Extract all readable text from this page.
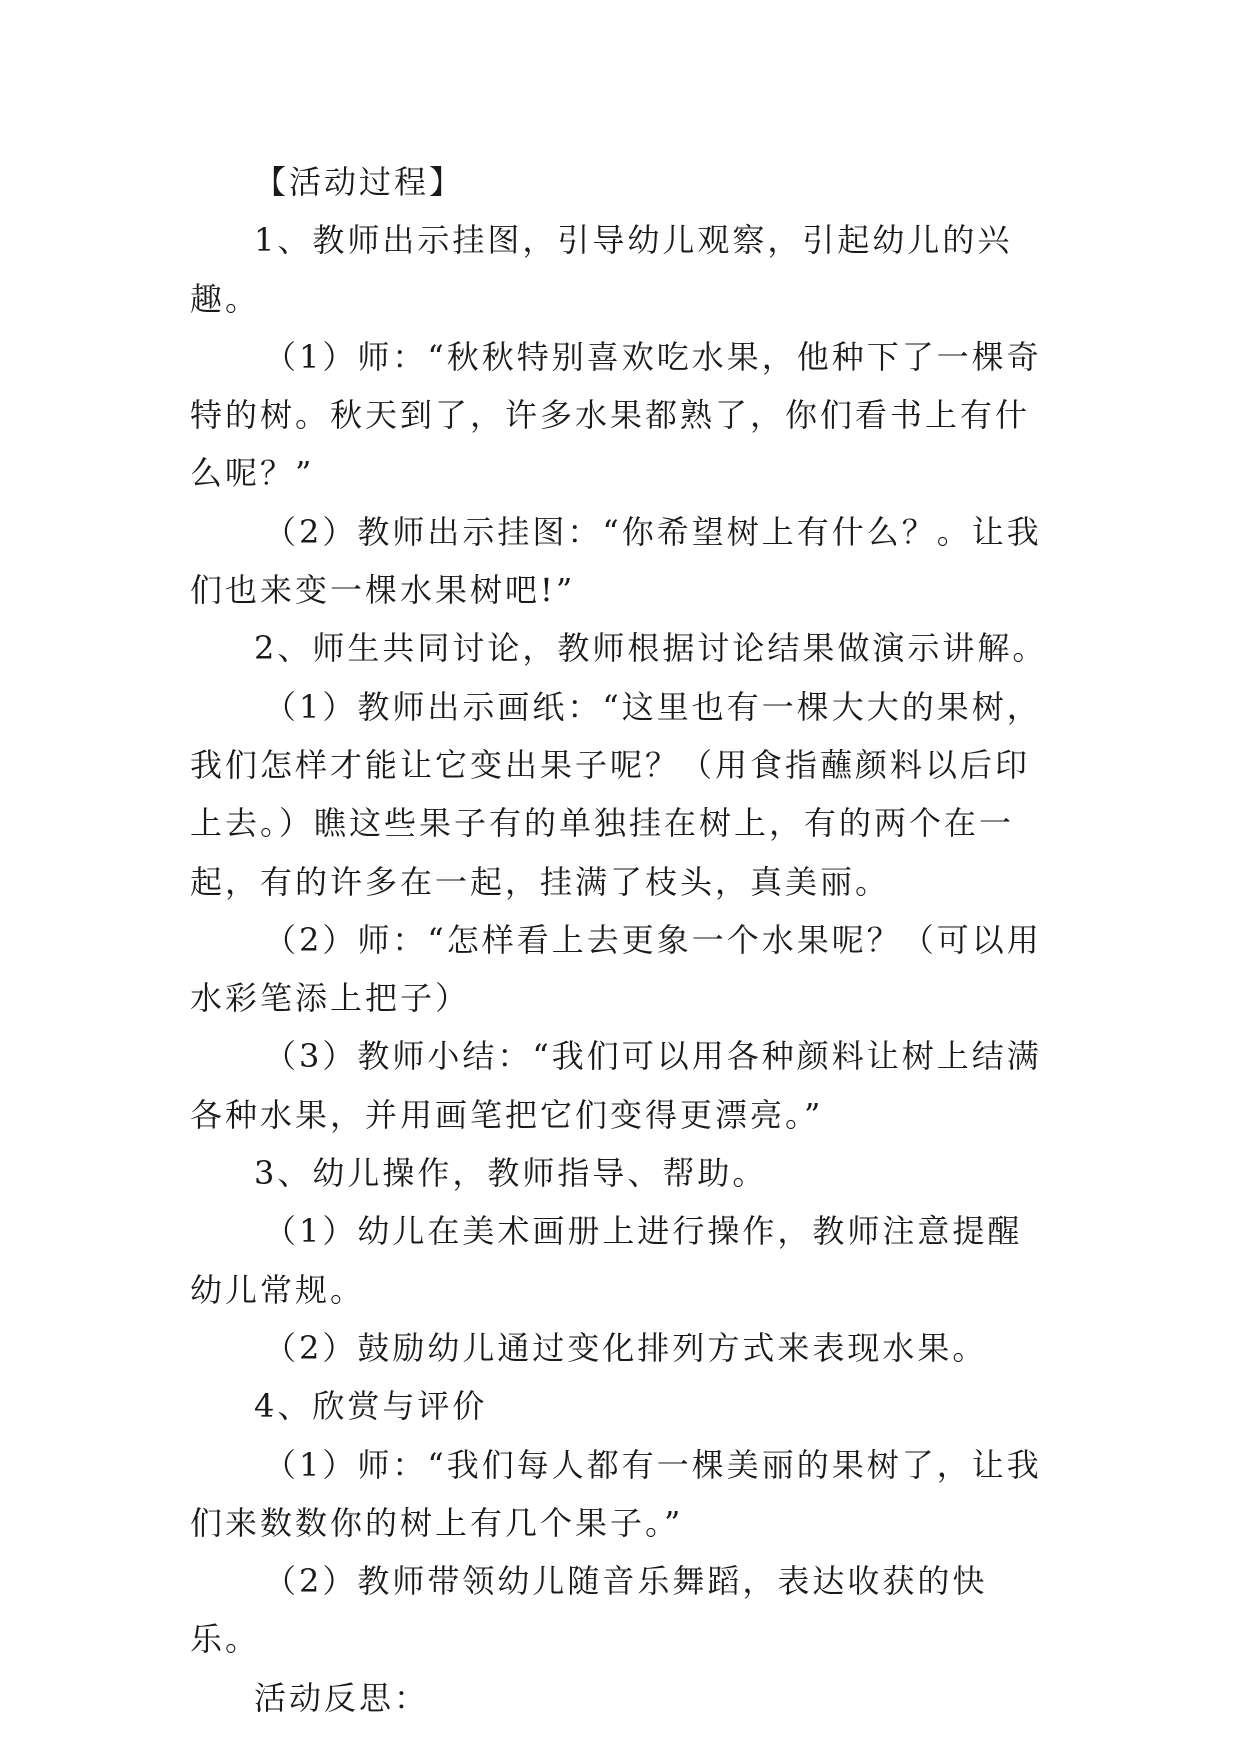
【活动过程】

1、教师出示挂图，引导幼儿观察，引起幼儿的兴趣。

（1）师：“秋秋特别喜欢吃水果，他种下了一棵奇特的树。秋天到了，许多水果都熟了，你们看书上有什么呢？”

（2）教师出示挂图：“你希望树上有什么？。让我们也来变一棵水果树吧!”

2、师生共同讨论，教师根据讨论结果做演示讲解。

（1）教师出示画纸：“这里也有一棵大大的果树，我们怎样才能让它变出果子呢？（用食指蘸颜料以后印上去。）瞧这些果子有的单独挂在树上，有的两个在一起，有的许多在一起，挂满了枝头，真美丽。

（2）师：“怎样看上去更象一个水果呢？（可以用水彩笔添上把子）

（3）教师小结：“我们可以用各种颜料让树上结满各种水果，并用画笔把它们变得更漂亮。”

3、幼儿操作，教师指导、帮助。

（1）幼儿在美术画册上进行操作，教师注意提醒幼儿常规。

（2）鼓励幼儿通过变化排列方式来表现水果。

4、欣赏与评价

（1）师：“我们每人都有一棵美丽的果树了，让我们来数数你的树上有几个果子。”

（2）教师带领幼儿随音乐舞蹈，表达收获的快乐。

活动反思：
